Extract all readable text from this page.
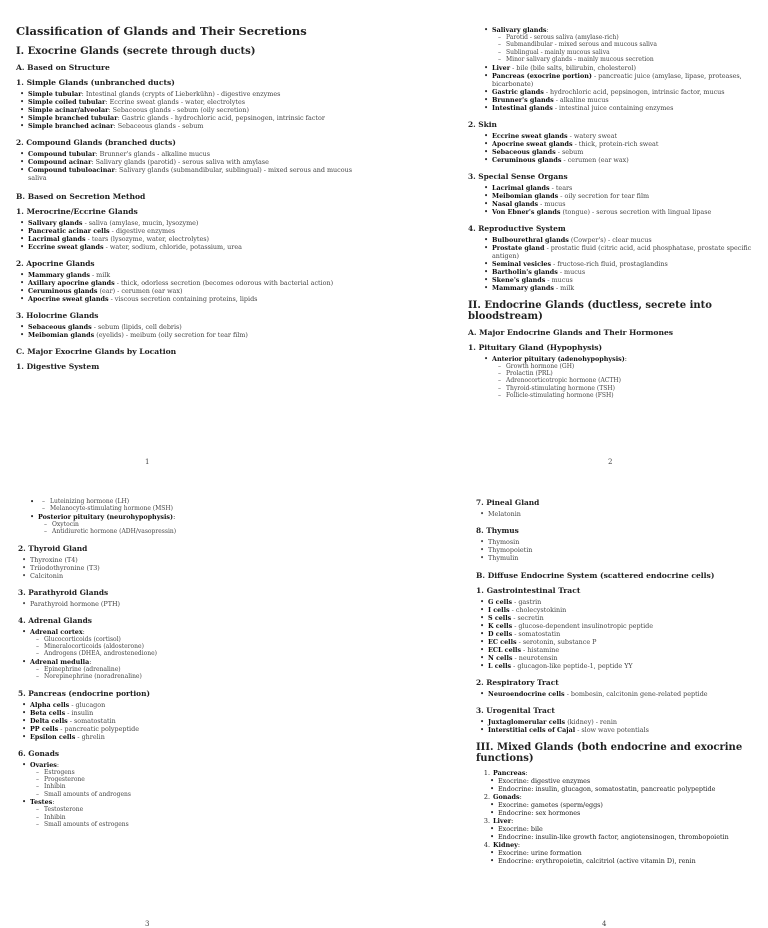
Classification of Glands and Their Secretions
I. Exocrine Glands (secrete through ducts)
A. Based on Structure
1. Simple Glands (unbranched ducts)
• Simple tubular: Intestinal glands (crypts of Lieberkühn) - digestive enzymes
• Simple coiled tubular: Eccrine sweat glands - water, electrolytes
• Simple acinar/alveolar: Sebaceous glands - sebum (oily secretion)
• Simple branched tubular: Gastric glands - hydrochloric acid, pepsinogen, intrinsic factor
• Simple branched acinar: Sebaceous glands - sebum
2. Compound Glands (branched ducts)
• Compound tubular: Brunner's glands - alkaline mucus
• Compound acinar: Salivary glands (parotid) - serous saliva with amylase
• Compound tubuloacinar: Salivary glands (submandibular, sublingual) - mixed serous and mucous saliva
B. Based on Secretion Method
1. Merocrine/Eccrine Glands
• Salivary glands - saliva (amylase, mucin, lysozyme)
• Pancreatic acinar cells - digestive enzymes
• Lacrimal glands - tears (lysozyme, water, electrolytes)
• Eccrine sweat glands - water, sodium, chloride, potassium, urea
2. Apocrine Glands
• Mammary glands - milk
• Axillary apocrine glands - thick, odorless secretion (becomes odorous with bacterial action)
• Ceruminous glands (ear) - cerumen (ear wax)
• Apocrine sweat glands - viscous secretion containing proteins, lipids
3. Holocrine Glands
• Sebaceous glands - sebum (lipids, cell debris)
• Meibomian glands (eyelids) - meibum (oily secretion for tear film)
C. Major Exocrine Glands by Location
1. Digestive System
1
• Salivary glands:
– Parotid - serous saliva (amylase-rich)
– Submandibular - mixed serous and mucous saliva
– Sublingual - mainly mucous saliva
– Minor salivary glands - mainly mucous secretion
• Liver - bile (bile salts, bilirubin, cholesterol)
• Pancreas (exocrine portion) - pancreatic juice (amylase, lipase, proteases, bicarbonate)
• Gastric glands - hydrochloric acid, pepsinogen, intrinsic factor, mucus
• Brunner's glands - alkaline mucus
• Intestinal glands - intestinal juice containing enzymes
2. Skin
• Eccrine sweat glands - watery sweat
• Apocrine sweat glands - thick, protein-rich sweat
• Sebaceous glands - sebum
• Ceruminous glands - cerumen (ear wax)
3. Special Sense Organs
• Lacrimal glands - tears
• Meibomian glands - oily secretion for tear film
• Nasal glands - mucus
• Von Ebner's glands (tongue) - serous secretion with lingual lipase
4. Reproductive System
• Bulbourethral glands (Cowper's) - clear mucus
• Prostate gland - prostatic fluid (citric acid, acid phosphatase, prostate specific antigen)
• Seminal vesicles - fructose-rich fluid, prostaglandins
• Bartholin's glands - mucus
• Skene's glands - mucus
• Mammary glands - milk
II. Endocrine Glands (ductless, secrete into bloodstream)
A. Major Endocrine Glands and Their Hormones
1. Pituitary Gland (Hypophysis)
• Anterior pituitary (adenohypophysis):
– Growth hormone (GH)
– Prolactin (PRL)
– Adrenocorticotropic hormone (ACTH)
– Thyroid-stimulating hormone (TSH)
– Follicle-stimulating hormone (FSH)
2
– • Luteinizing hormone (LH)
– Melanocyte-stimulating hormone (MSH)
• Posterior pituitary (neurohypophysis):
– Oxytocin
– Antidiuretic hormone (ADH/vasopressin)
2. Thyroid Gland
• Thyroxine (T4)
• Triiodothyronine (T3)
• Calcitonin
3. Parathyroid Glands
• Parathyroid hormone (PTH)
4. Adrenal Glands
• Adrenal cortex:
– Glucocorticoids (cortisol)
– Mineralocorticoids (aldosterone)
– Androgens (DHEA, androstenedione)
• Adrenal medulla:
– Epinephrine (adrenaline)
– Norepinephrine (noradrenaline)
5. Pancreas (endocrine portion)
• Alpha cells - glucagon
• Beta cells - insulin
• Delta cells - somatostatin
• PP cells - pancreatic polypeptide
• Epsilon cells - ghrelin
6. Gonads
• Ovaries:
– Estrogens
– Progesterone
– Inhibin
– Small amounts of androgens
• Testes:
– Testosterone
– Inhibin
– Small amounts of estrogens
3
7. Pineal Gland
• Melatonin
8. Thymus
• Thymosin
• Thymopoietin
• Thymulin
B. Diffuse Endocrine System (scattered endocrine cells)
1. Gastrointestinal Tract
• G cells - gastrin
• I cells - cholecystokinin
• S cells - secretin
• K cells - glucose-dependent insulinotropic peptide
• D cells - somatostatin
• EC cells - serotonin, substance P
• ECL cells - histamine
• N cells - neurotensin
• L cells - glucagon-like peptide-1, peptide YY
2. Respiratory Tract
• Neuroendocrine cells - bombesin, calcitonin gene-related peptide
3. Urogenital Tract
• Juxtaglomerular cells (kidney) - renin
• Interstitial cells of Cajal - slow wave potentials
III. Mixed Glands (both endocrine and exocrine functions)
1. Pancreas:
• Exocrine: digestive enzymes
• Endocrine: insulin, glucagon, somatostatin, pancreatic polypeptide
2. Gonads:
• Exocrine: gametes (sperm/eggs)
• Endocrine: sex hormones
3. Liver:
• Exocrine: bile
• Endocrine: insulin-like growth factor, angiotensinogen, thrombopoietin
4. Kidney:
• Exocrine: urine formation
• Endocrine: erythropoietin, calcitriol (active vitamin D), renin
4
